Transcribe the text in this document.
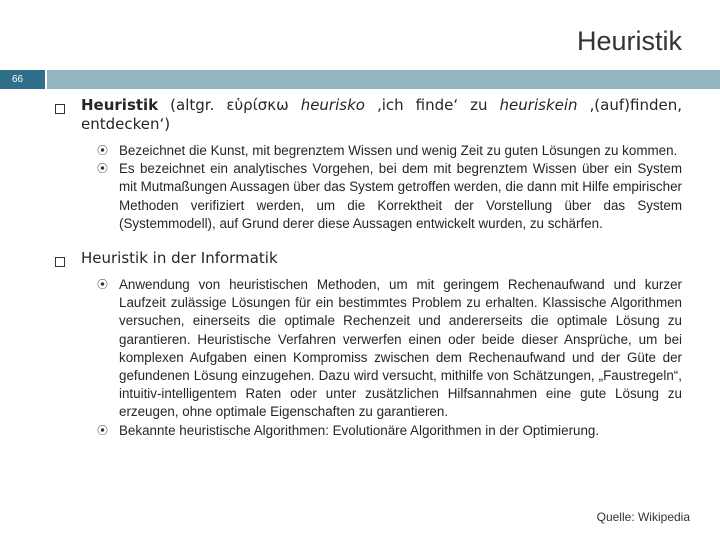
Heuristik
66
Heuristik (altgr. εὑρίσκω heurisko ‚ich finde‘ zu heuriskein ‚(auf)finden, entdecken‘)
⦿ Bezeichnet die Kunst, mit begrenztem Wissen und wenig Zeit zu guten Lösungen zu kommen.
⦿ Es bezeichnet ein analytisches Vorgehen, bei dem mit begrenztem Wissen über ein System mit Mutmaßungen Aussagen über das System getroffen werden, die dann mit Hilfe empirischer Methoden verifiziert werden, um die Korrektheit der Vorstellung über das System (Systemmodell), auf Grund derer diese Aussagen entwickelt wurden, zu schärfen.
Heuristik in der Informatik
⦿ Anwendung von heuristischen Methoden, um mit geringem Rechenaufwand und kurzer Laufzeit zulässige Lösungen für ein bestimmtes Problem zu erhalten. Klassische Algorithmen versuchen, einerseits die optimale Rechenzeit und andererseits die optimale Lösung zu garantieren. Heuristische Verfahren verwerfen einen oder beide dieser Ansprüche, um bei komplexen Aufgaben einen Kompromiss zwischen dem Rechenaufwand und der Güte der gefundenen Lösung einzugehen. Dazu wird versucht, mithilfe von Schätzungen, „Faustregeln“, intuitiv-intelligentem Raten oder unter zusätzlichen Hilfsannahmen eine gute Lösung zu erzeugen, ohne optimale Eigenschaften zu garantieren.
⦿ Bekannte heuristische Algorithmen: Evolutionäre Algorithmen in der Optimierung.
Quelle: Wikipedia
